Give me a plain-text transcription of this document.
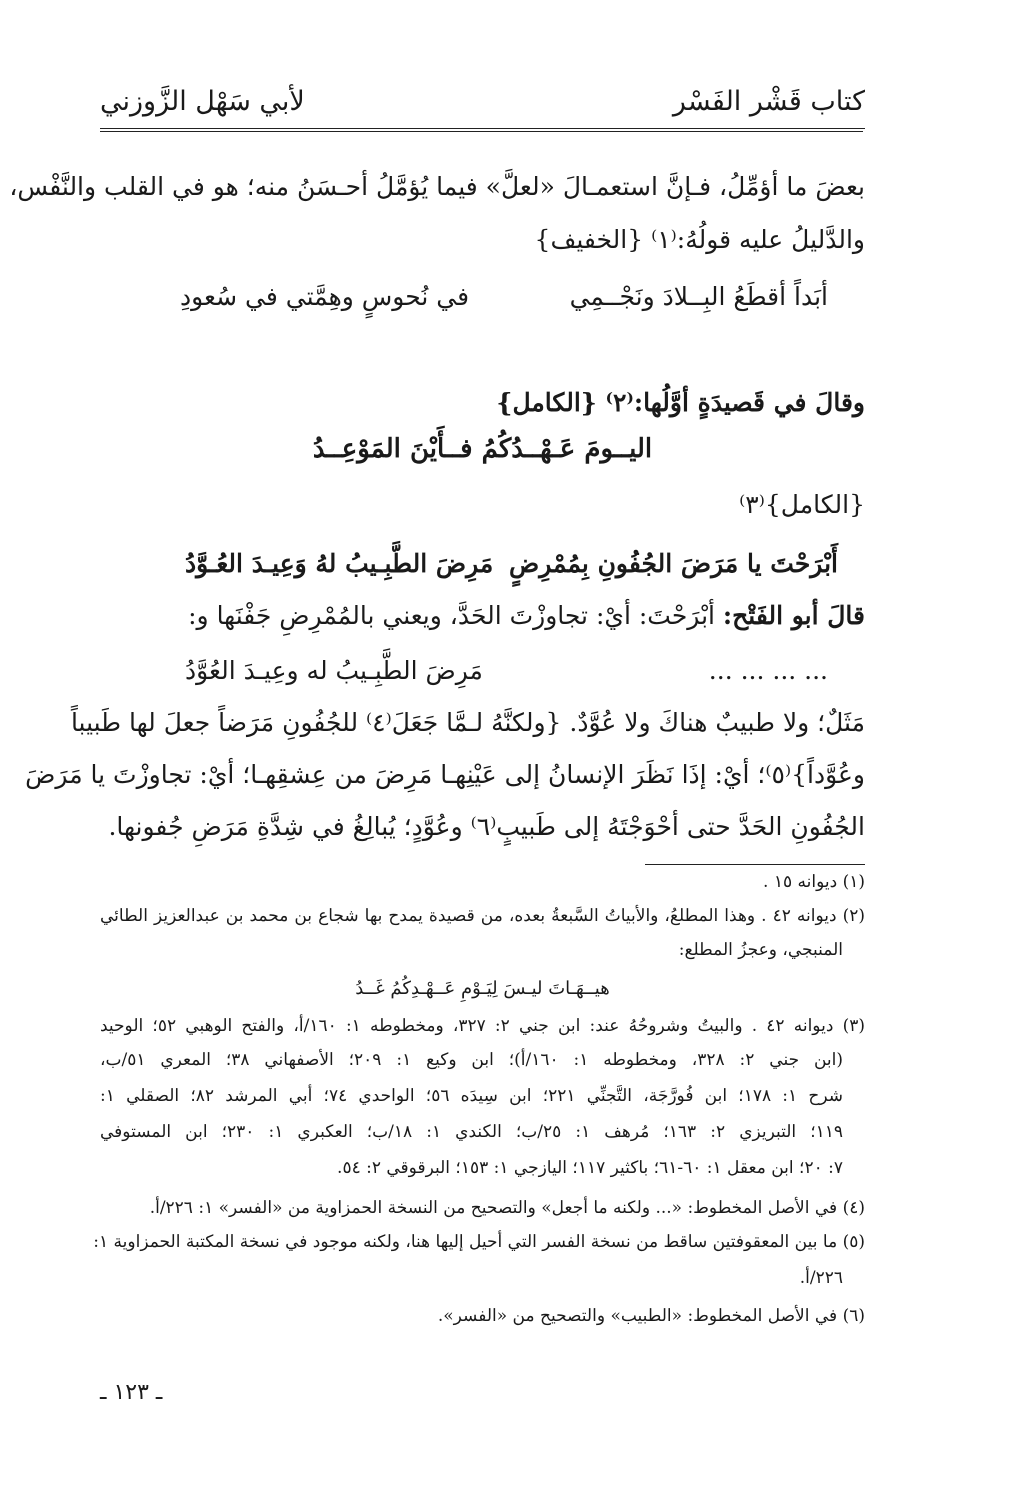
كتاب قَشْر الفَسْر
لأبي سَهْل الزَّوزني
بعضَ ما أؤمِّلُ، فـإنَّ استعمـالَ «لعلَّ» فيما يُؤمَّلُ أحـسَنُ منه؛ هو في القلب والنَّفْس،
والدَّليلُ عليه قولُهُ:⁽١⁾ {الخفيف}
أبَداً أقطَعُ البِــلادَ ونَجْــمِي
في نُحوسٍ وهِمَّتي في سُعودِ
وقالَ في قَصيدَةٍ أوَّلُها:⁽٢⁾ {الكامل}
اليــومَ عَـهْــدُكُمُ فــأَيْنَ المَوْعِــدُ
{الكامل}⁽٣⁾
أَبْرَحْتَ يا مَرَضَ الجُفُونِ بِمُمْرِضٍ
مَرِضَ الطَّبِـيبُ لهُ وَعِيـدَ العُـوَّدُ
قالَ أبو الفَتْح: أبْرَحْتَ: أيْ: تجاوزْتَ الحَدَّ، ويعني بالمُمْرِضِ جَفْنَها و:
... ... ... ...
مَرِضَ الطَّبِـيبُ له وعِيـدَ العُوَّدُ
مَثَلٌ؛ ولا طبيبٌ هناكَ ولا عُوَّدٌ. {ولكنَّهُ لـمَّا جَعَلَ⁽٤⁾ للجُفُونِ مَرَضاً جعلَ لها طَبيباً
وعُوَّداً}⁽٥⁾؛ أيْ: إذَا نَظَرَ الإنسانُ إلى عَيْنِهـا مَرِضَ من عِشقِهـا؛ أيْ: تجاوزْتَ يا مَرَضَ
الجُفُونِ الحَدَّ حتى أحْوَجْتَهُ إلى طَبيبٍ⁽٦⁾ وعُوَّدٍ؛ يُبالِغُ في شِدَّةِ مَرَضِ جُفونها.
(١) ديوانه ١٥ .
(٢) ديوانه ٤٢ . وهذا المطلعُ، والأبياتُ السَّبعةُ بعده، من قصيدة يمدح بها شجاع بن محمد بن عبدالعزيز الطائي
المنبجي، وعجزُ المطلع:
هيــهَـاتَ ليـسَ لِيَـوْمِ عَــهْـدِكُمُ غَــدُ
(٣) ديوانه ٤٢ . والبيتُ وشروحُهُ عند: ابن جني ٢: ٣٢٧، ومخطوطه ١: ١٦٠/أ، والفتح الوهبي ٥٢؛ الوحيد
(ابن جني ٢: ٣٢٨، ومخطوطه ١: ١٦٠/أ)؛ ابن وكيع ١: ٢٠٩؛ الأصفهاني ٣٨؛ المعري ٥١/ب،
شرح ١: ١٧٨؛ ابن فُورَّجَة، التَّجنِّي ٢٢١؛ ابن سِيدَه ٥٦؛ الواحدي ٧٤؛ أبي المرشد ٨٢؛ الصقلي ١:
١١٩؛ التبريزي ٢: ١٦٣؛ مُرهف ١: ٢٥/ب؛ الكندي ١: ١٨/ب؛ العكبري ١: ٢٣٠؛ ابن المستوفي
٧: ٢٠؛ ابن معقل ١: ٦٠-٦١؛ باكثير ١١٧؛ اليازجي ١: ١٥٣؛ البرقوقي ٢: ٥٤.
(٤) في الأصل المخطوط: «... ولكنه ما أجعل» والتصحيح من النسخة الحمزاوية من «الفسر» ١: ٢٢٦/أ.
(٥) ما بين المعقوفتين ساقط من نسخة الفسر التي أحيل إليها هنا، ولكنه موجود في نسخة المكتبة الحمزاوية ١:
٢٢٦/أ.
(٦) في الأصل المخطوط: «الطبيب» والتصحيح من «الفسر».
ـ ١٢٣ ـ
